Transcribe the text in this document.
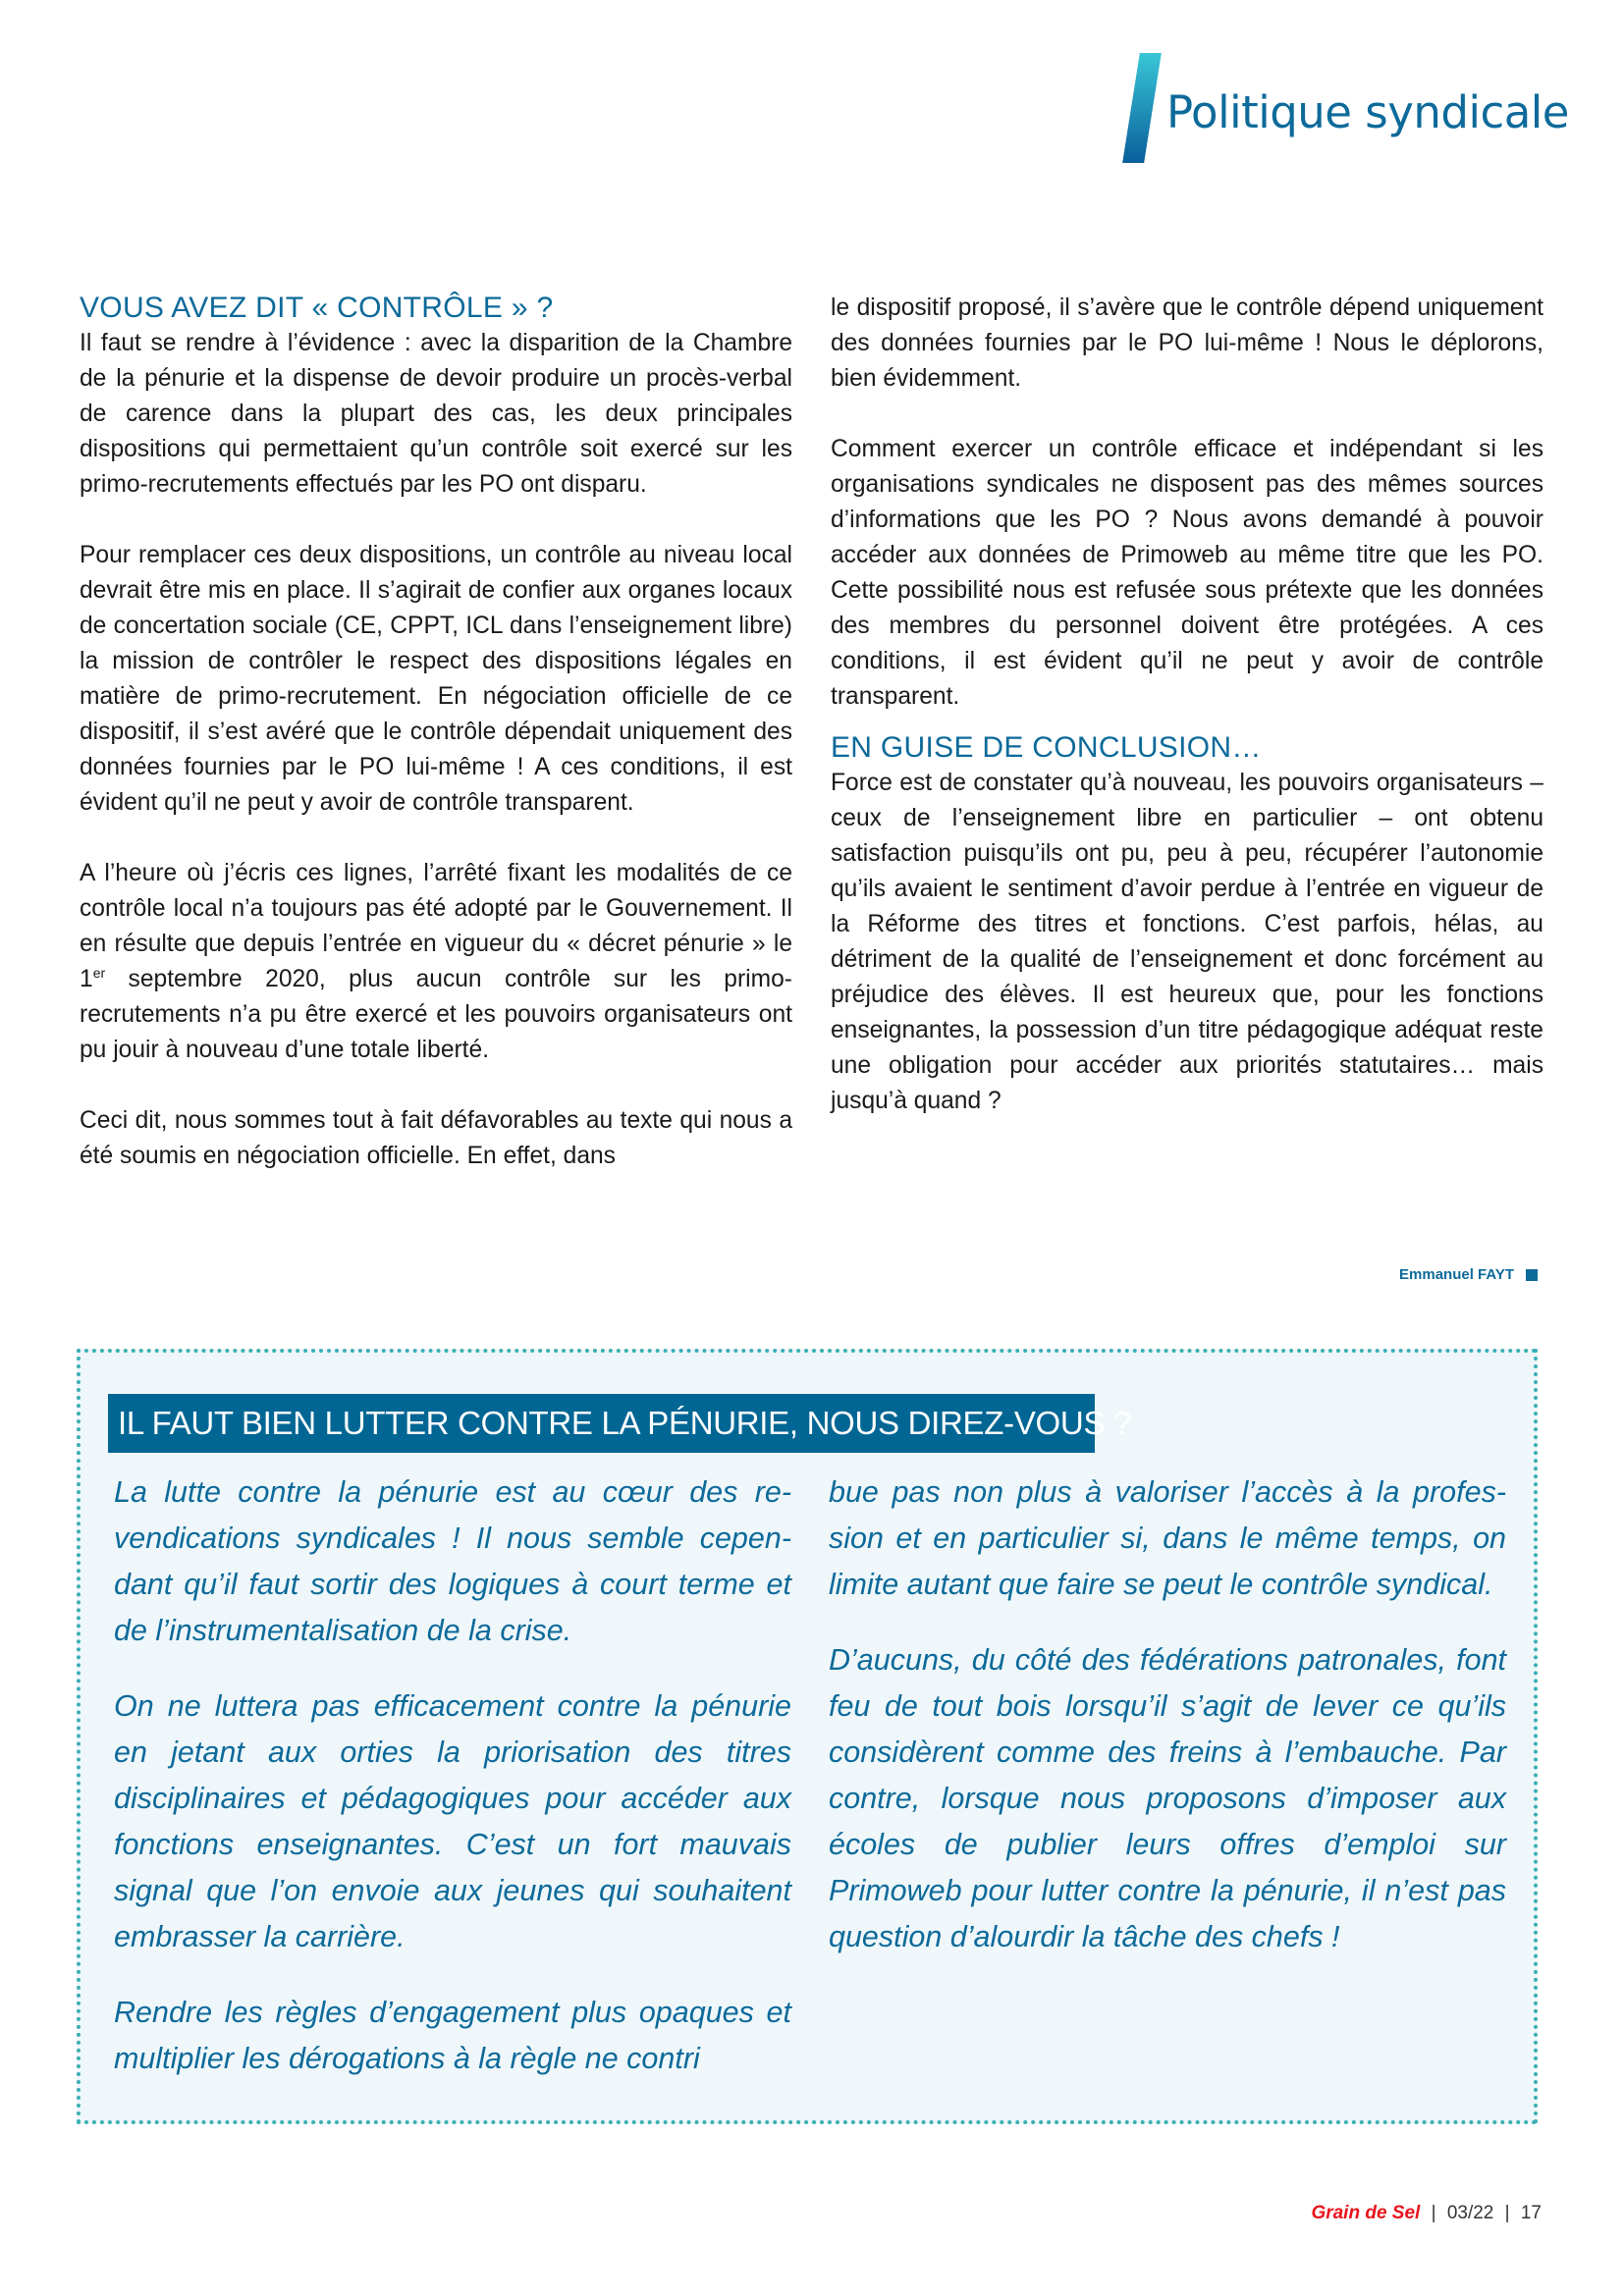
Politique syndicale
VOUS AVEZ DIT « CONTRÔLE » ?

Il faut se rendre à l’évidence : avec la disparition de la Chambre de la pénurie et la dispense de devoir produire un procès-verbal de carence dans la plupart des cas, les deux principales dispositions qui permettaient qu’un contrôle soit exercé sur les primo-recrutements effectués par les PO ont disparu.

Pour remplacer ces deux dispositions, un contrôle au niveau local devrait être mis en place. Il s’agirait de confier aux organes locaux de concertation sociale (CE, CPPT, ICL dans l’enseignement libre) la mission de contrôler le respect des dispositions légales en matière de primo-recrutement. En négociation officielle de ce dispositif, il s’est avéré que le contrôle dépendait uniquement des données fournies par le PO lui-même ! A ces conditions, il est évident qu’il ne peut y avoir de contrôle transparent.

A l’heure où j’écris ces lignes, l’arrêté fixant les modalités de ce contrôle local n’a toujours pas été adopté par le Gouvernement. Il en résulte que depuis l’entrée en vigueur du « décret pénurie » le 1er septembre 2020, plus aucun contrôle sur les primo-recrutements n’a pu être exercé et les pouvoirs organisateurs ont pu jouir à nouveau d’une totale liberté.

Ceci dit, nous sommes tout à fait défavorables au texte qui nous a été soumis en négociation officielle. En effet, dans

le dispositif proposé, il s’avère que le contrôle dépend uniquement des données fournies par le PO lui-même ! Nous le déplorons, bien évidemment.

Comment exercer un contrôle efficace et indépendant si les organisations syndicales ne disposent pas des mêmes sources d’informations que les PO ? Nous avons demandé à pouvoir accéder aux données de Primoweb au même titre que les PO. Cette possibilité nous est refusée sous prétexte que les données des membres du personnel doivent être protégées. A ces conditions, il est évident qu’il ne peut y avoir de contrôle transparent.

EN GUISE DE CONCLUSION…

Force est de constater qu’à nouveau, les pouvoirs organisateurs – ceux de l’enseignement libre en particulier – ont obtenu satisfaction puisqu’ils ont pu, peu à peu, récupérer l’autonomie qu’ils avaient le sentiment d’avoir perdue à l’entrée en vigueur de la Réforme des titres et fonctions. C’est parfois, hélas, au détriment de la qualité de l’enseignement et donc forcément au préjudice des élèves. Il est heureux que, pour les fonctions enseignantes, la possession d’un titre pédagogique adéquat reste une obligation pour accéder aux priorités statutaires… mais jusqu’à quand ?

Emmanuel FAYT
IL FAUT BIEN LUTTER CONTRE LA PÉNURIE, NOUS DIREZ-VOUS ?

La lutte contre la pénurie est au cœur des revendications syndicales ! Il nous semble cependant qu’il faut sortir des logiques à court terme et de l’instrumentalisation de la crise.

On ne luttera pas efficacement contre la pénurie en jetant aux orties la priorisation des titres disciplinaires et pédagogiques pour accéder aux fonctions enseignantes. C’est un fort mauvais signal que l’on envoie aux jeunes qui souhaitent embrasser la carrière.

Rendre les règles d’engagement plus opaques et multiplier les dérogations à la règle ne contri

bue pas non plus à valoriser l’accès à la profession et en particulier si, dans le même temps, on limite autant que faire se peut le contrôle syndical.

D’aucuns, du côté des fédérations patronales, font feu de tout bois lorsqu’il s’agit de lever ce qu’ils considèrent comme des freins à l’embauche. Par contre, lorsque nous proposons d’imposer aux écoles de publier leurs offres d’emploi sur Primoweb pour lutter contre la pénurie, il n’est pas question d’alourdir la tâche des chefs !

Grain de Sel | 03/22 | 17
